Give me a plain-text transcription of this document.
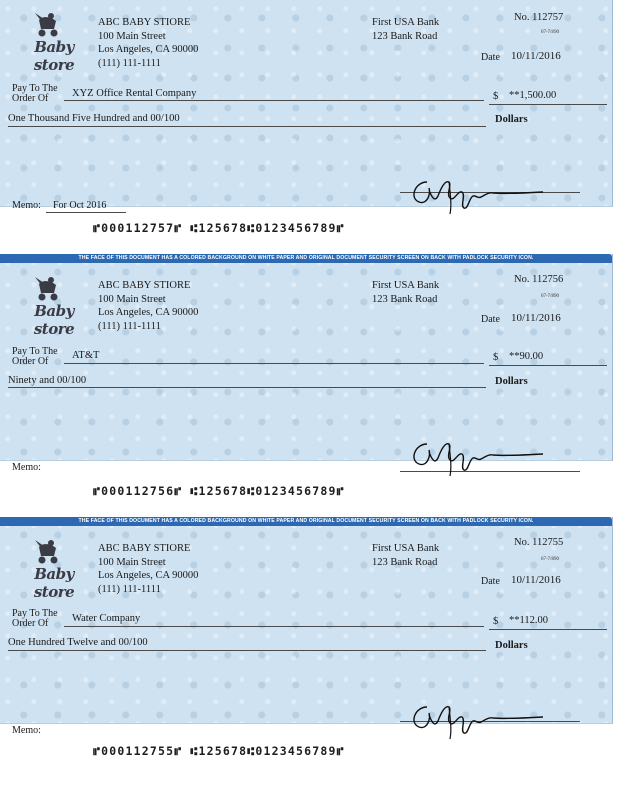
Baby store
ABC BABY STIORE
100 Main Street
Los Angeles, CA 90000
(111) 111-1111
First USA Bank
123 Bank Road
No. 112757
67-7/890
Date 10/11/2016
Pay To The
Order Of	XYZ Office Rental Company	$ **1,500.00
One Thousand Five Hundred and 00/100	Dollars
Memo: For Oct 2016
⑈000112757⑈ ⑆125678⑆0123456789⑈
THE FACE OF THIS DOCUMENT HAS A COLORED BACKGROUND ON WHITE PAPER AND ORIGINAL DOCUMENT SECURITY SCREEN ON BACK WITH PADLOCK SECURITY ICON.
Baby store
ABC BABY STIORE
100 Main Street
Los Angeles, CA 90000
(111) 111-1111
First USA Bank
123 Bank Road
No. 112756
67-7/890
Date 10/11/2016
Pay To The
Order Of
AT&T	$ **90.00
Ninety and 00/100	Dollars
Memo:
⑈000112756⑈ ⑆125678⑆0123456789⑈
THE FACE OF THIS DOCUMENT HAS A COLORED BACKGROUND ON WHITE PAPER AND ORIGINAL DOCUMENT SECURITY SCREEN ON BACK WITH PADLOCK SECURITY ICON.
Baby store
ABC BABY STIORE
100 Main Street
Los Angeles, CA 90000
(111) 111-1111
First USA Bank
123 Bank Road
No. 112755
67-7/890
Date 10/11/2016
Pay To The
Order Of	Water Company	$ **112.00
One Hundred Twelve and 00/100	Dollars
Memo:
⑈000112755⑈ ⑆125678⑆0123456789⑈
